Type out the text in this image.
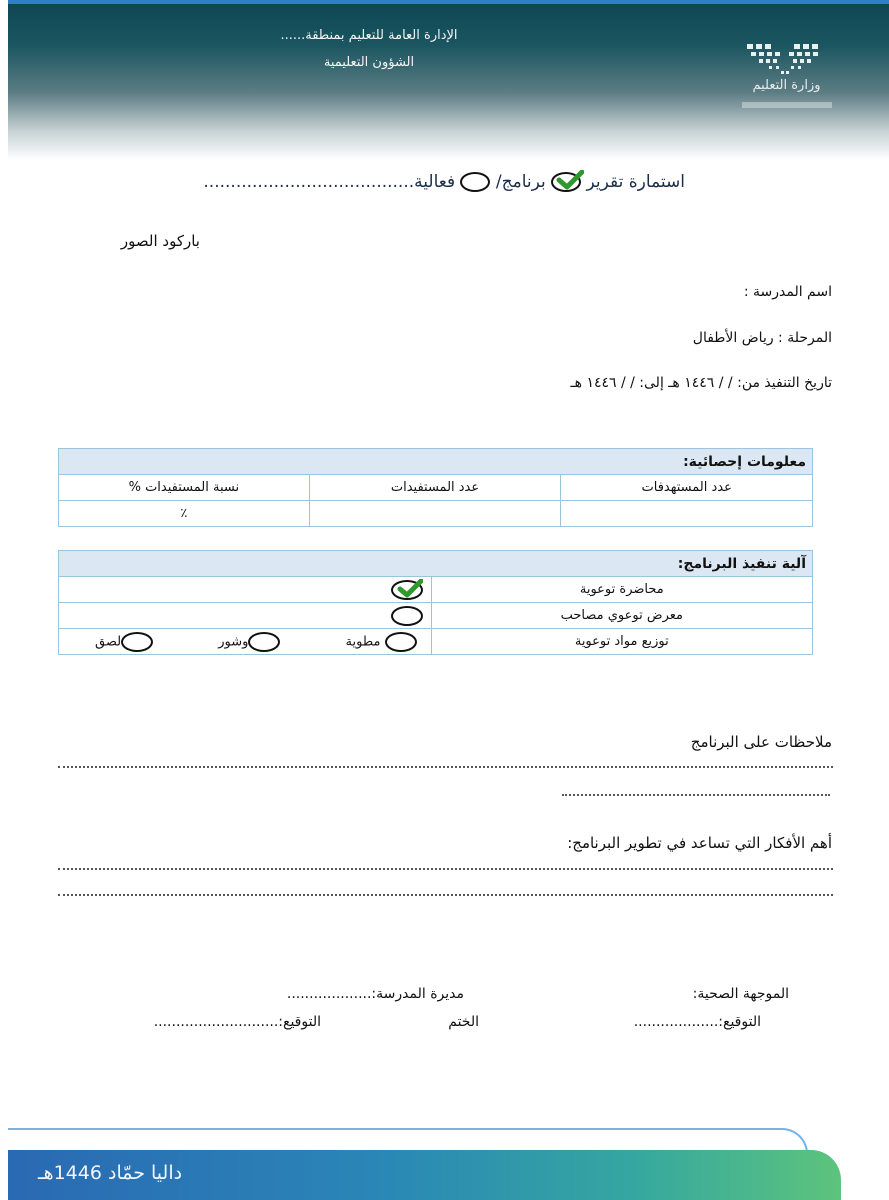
الإدارة العامة للتعليم بمنطقة......
الشؤون التعليمية
وزارة التعليم
استمارة تقرير
برنامج/  فعالية.......................................
باركود الصور
اسم المدرسة :
المرحلة : رياض الأطفال
تاريخ التنفيذ من: / / ١٤٤٦ هـ إلى: / / ١٤٤٦ هـ
معلومات إحصائية:		
عدد المستهدفات	عدد المستفيدات	نسبة المستفيدات %
		٪
آلية تنفيذ البرنامج:	
محاضرة توعوية	

معرض توعوي مصاحب	
توزيع مواد توعوية	مطوية وشور لصق
ملاحظات على البرنامج
أهم الأفكار التي تساعد في تطوير البرنامج:
الموجهة الصحية:
مديرة المدرسة:...................
التوقيع:...................
الختم
التوقيع:............................
داليا حمّاد 1446هـ
